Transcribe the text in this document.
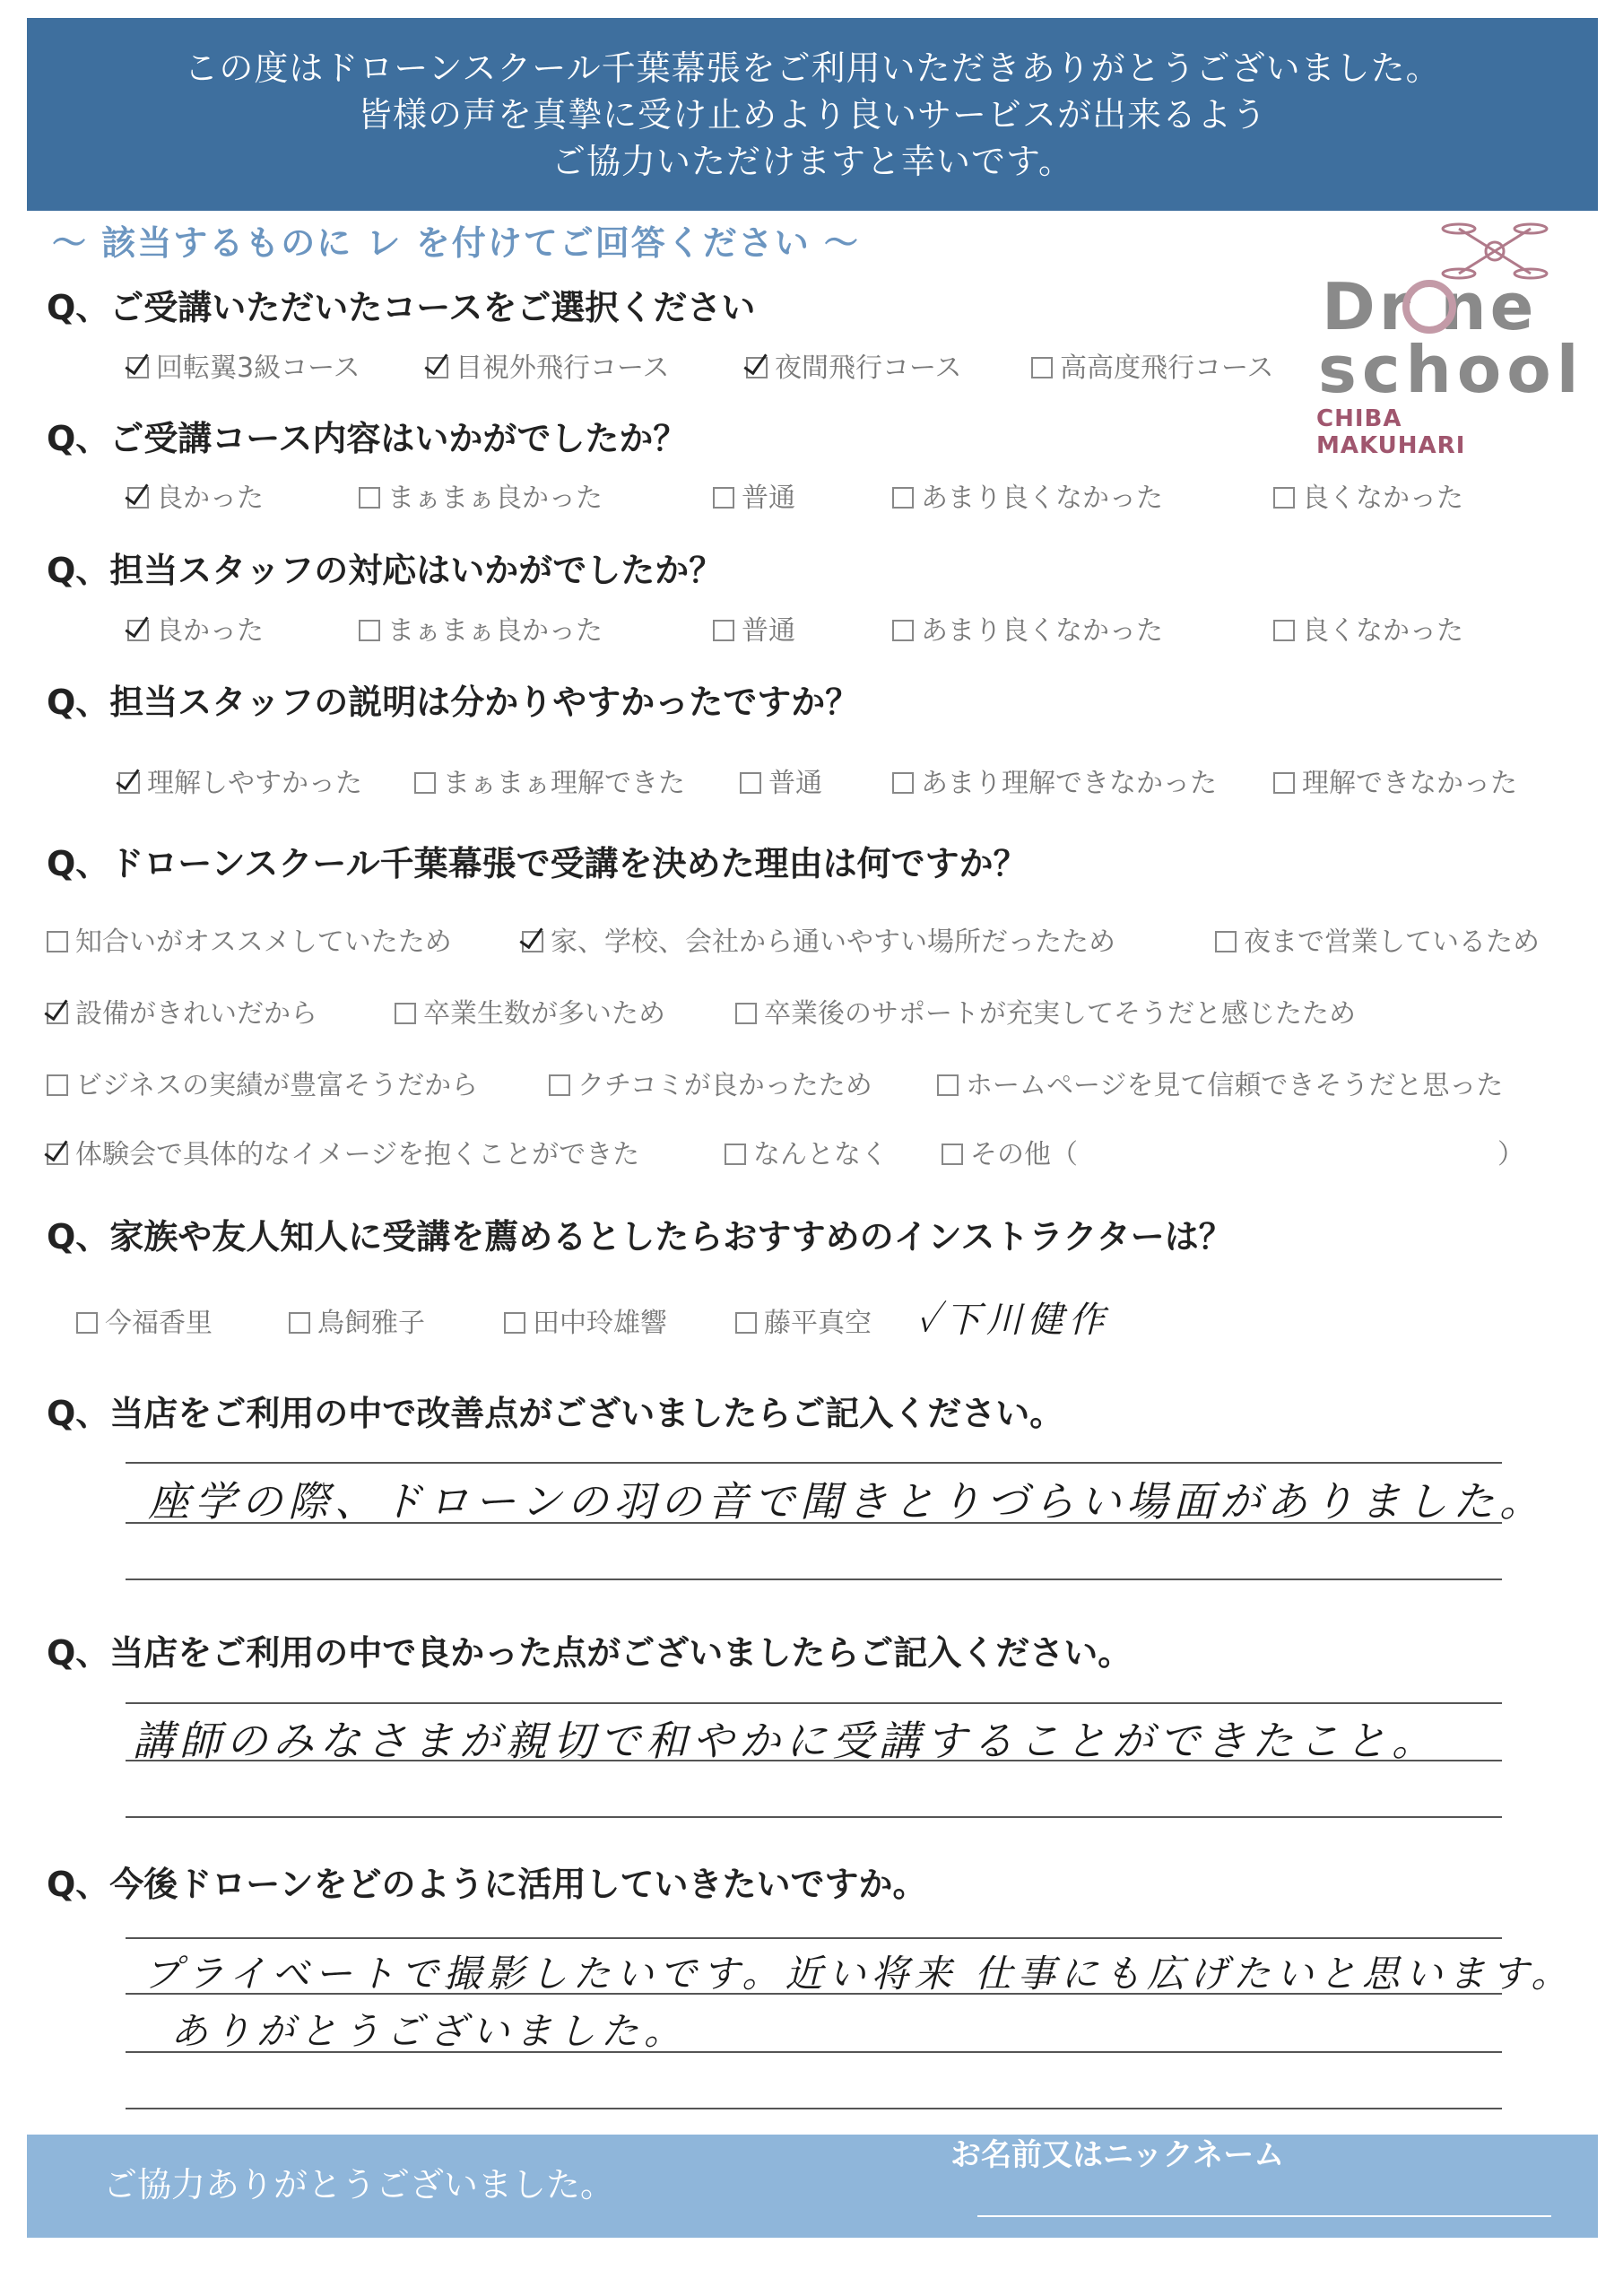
この度はドローンスクール千葉幕張をご利用いただきありがとうございました。
皆様の声を真摯に受け止めより良いサービスが出来るよう
ご協力いただけますと幸いです。
～ 該当するものに レ を付けてご回答ください ～
Dr ne
school
CHIBA MAKUHARI
Q、ご受講いただいたコースをご選択ください
回転翼3級コース	目視外飛行コース	夜間飛行コース	高高度飛行コース
Q、ご受講コース内容はいかがでしたか？
良かった	まぁまぁ良かった	普通	あまり良くなかった	良くなかった
Q、担当スタッフの対応はいかがでしたか？
良かった	まぁまぁ良かった	普通	あまり良くなかった	良くなかった
Q、担当スタッフの説明は分かりやすかったですか？
理解しやすかった	まぁまぁ理解できた	普通	あまり理解できなかった	理解できなかった
Q、ドローンスクール千葉幕張で受講を決めた理由は何ですか？
知合いがオススメしていたため	家、学校、会社から通いやすい場所だったため	夜まで営業しているため
設備がきれいだから	卒業生数が多いため	卒業後のサポートが充実してそうだと感じたため
ビジネスの実績が豊富そうだから	クチコミが良かったため	ホームページを見て信頼できそうだと思った
体験会で具体的なイメージを抱くことができた	なんとなく	その他（	）
Q、家族や友人知人に受講を薦めるとしたらおすすめのインストラクターは？
今福香里	鳥飼雅子	田中玲雄響	藤平真空 ✓下川健作
Q、当店をご利用の中で改善点がございましたらご記入ください。
座学の際、ドローンの羽の音で聞きとりづらい場面がありました。
Q、当店をご利用の中で良かった点がございましたらご記入ください。
講師のみなさまが親切で和やかに受講することができたこと。
Q、今後ドローンをどのように活用していきたいですか。
プライベートで撮影したいです。近い将来 仕事にも広げたいと思います。
ありがとうございました。
ご協力ありがとうございました。
お名前又はニックネーム
